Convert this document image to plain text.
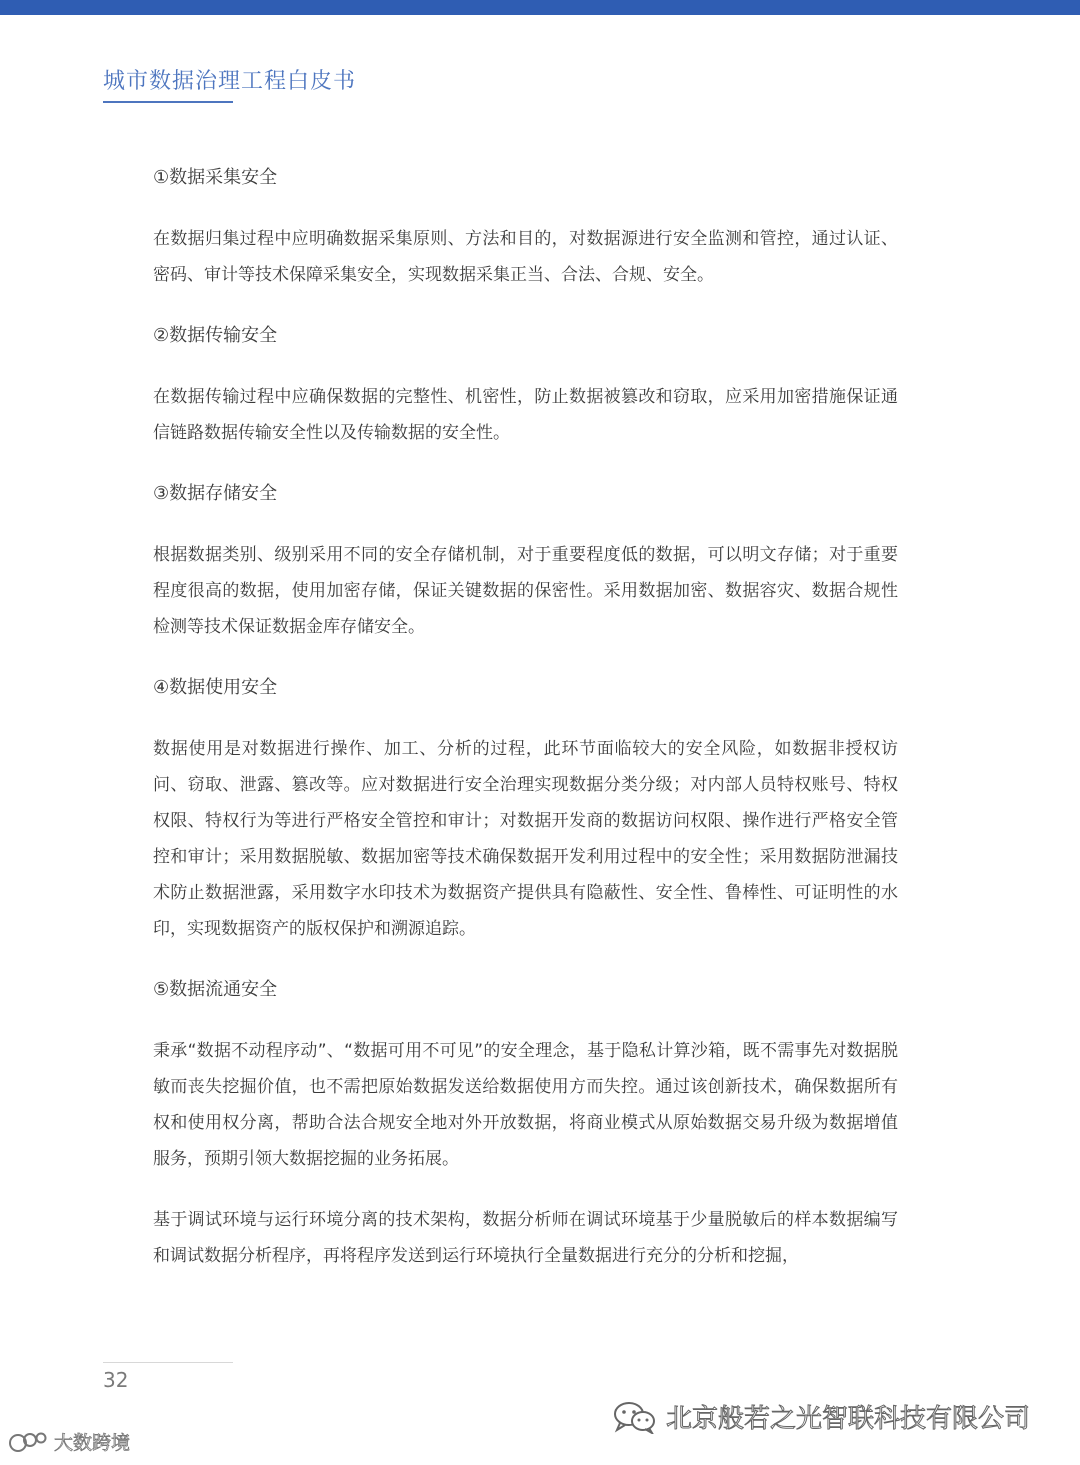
城市数据治理工程白皮书
①数据采集安全
在数据归集过程中应明确数据采集原则、方法和目的，对数据源进行安全监测和管控，通过认证、密码、审计等技术保障采集安全，实现数据采集正当、合法、合规、安全。
②数据传输安全
在数据传输过程中应确保数据的完整性、机密性，防止数据被篡改和窃取，应采用加密措施保证通信链路数据传输安全性以及传输数据的安全性。
③数据存储安全
根据数据类别、级别采用不同的安全存储机制，对于重要程度低的数据，可以明文存储；对于重要程度很高的数据，使用加密存储，保证关键数据的保密性。采用数据加密、数据容灾、数据合规性检测等技术保证数据金库存储安全。
④数据使用安全
数据使用是对数据进行操作、加工、分析的过程，此环节面临较大的安全风险，如数据非授权访问、窃取、泄露、篡改等。应对数据进行安全治理实现数据分类分级；对内部人员特权账号、特权权限、特权行为等进行严格安全管控和审计；对数据开发商的数据访问权限、操作进行严格安全管控和审计；采用数据脱敏、数据加密等技术确保数据开发利用过程中的安全性；采用数据防泄漏技术防止数据泄露，采用数字水印技术为数据资产提供具有隐蔽性、安全性、鲁棒性、可证明性的水印，实现数据资产的版权保护和溯源追踪。
⑤数据流通安全
秉承“数据不动程序动”、“数据可用不可见”的安全理念，基于隐私计算沙箱，既不需事先对数据脱敏而丧失挖掘价值，也不需把原始数据发送给数据使用方而失控。通过该创新技术，确保数据所有权和使用权分离，帮助合法合规安全地对外开放数据，将商业模式从原始数据交易升级为数据增值服务，预期引领大数据挖掘的业务拓展。
基于调试环境与运行环境分离的技术架构，数据分析师在调试环境基于少量脱敏后的样本数据编写和调试数据分析程序，再将程序发送到运行环境执行全量数据进行充分的分析和挖掘，
32
北京般若之光智联科技有限公司
大数跨境
